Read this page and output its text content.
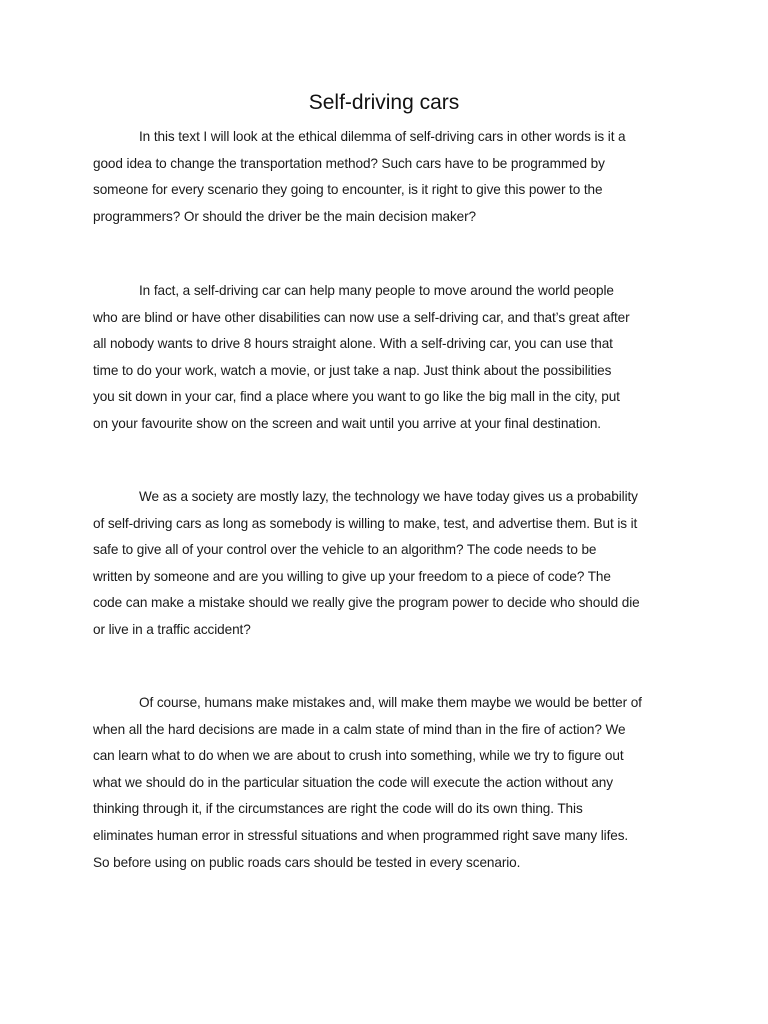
Self-driving cars

In this text I will look at the ethical dilemma of self-driving cars in other words is it a
good idea to change the transportation method? Such cars have to be programmed by
someone for every scenario they going to encounter, is it right to give this power to the
programmers? Or should the driver be the main decision maker?

In fact, a self-driving car can help many people to move around the world people
who are blind or have other disabilities can now use a self-driving car, and that’s great after
all nobody wants to drive 8 hours straight alone. With a self-driving car, you can use that
time to do your work, watch a movie, or just take a nap. Just think about the possibilities
you sit down in your car, find a place where you want to go like the big mall in the city, put
on your favourite show on the screen and wait until you arrive at your final destination.

We as a society are mostly lazy, the technology we have today gives us a probability
of self-driving cars as long as somebody is willing to make, test, and advertise them. But is it
safe to give all of your control over the vehicle to an algorithm? The code needs to be
written by someone and are you willing to give up your freedom to a piece of code? The
code can make a mistake should we really give the program power to decide who should die
or live in a traffic accident?

Of course, humans make mistakes and, will make them maybe we would be better of
when all the hard decisions are made in a calm state of mind than in the fire of action? We
can learn what to do when we are about to crush into something, while we try to figure out
what we should do in the particular situation the code will execute the action without any
thinking through it, if the circumstances are right the code will do its own thing. This
eliminates human error in stressful situations and when programmed right save many lifes.
So before using on public roads cars should be tested in every scenario.
